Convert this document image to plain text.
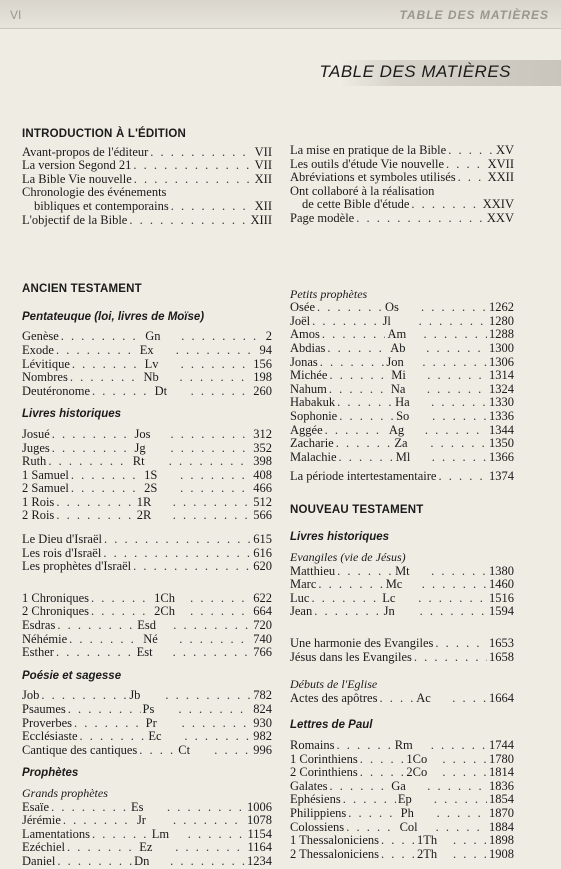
VI	TABLE DES MATIÈRES
TABLE DES MATIÈRES
INTRODUCTION À L'ÉDITION
Avant-propos de l'éditeur . . .	VII
La version Segond 21 . . .	VII
La Bible Vie nouvelle . . .	XII
Chronologie des événements
bibliques et contemporains . . .	XII
L'objectif de la Bible . . .	XIII
ANCIEN TESTAMENT
Pentateuque (loi, livres de Moïse)
Genèse . . .	Gn . . .	2
Exode . . .	Ex . . .	94
Lévitique . . .	Lv . . .	156
Nombres . . .	Nb . . .	198
Deutéronome . . .	Dt . . .	260
Livres historiques
Josué . . .	Jos . . .	312
Juges . . .	Jg . . .	352
Ruth . . .	Rt . . .	398
1 Samuel . . .	1S . . .	408
2 Samuel . . .	2S . . .	466
1 Rois . . .	1R . . .	512
2 Rois . . .	2R . . .	566
Le Dieu d'Israël . . .	615
Les rois d'Israël . . .	616
Les prophètes d'Israël . . .	620
1 Chroniques . . .	1Ch . . .	622
2 Chroniques . . .	2Ch . . .	664
Esdras . . .	Esd . . .	720
Néhémie . . .	Né . . .	740
Esther . . .	Est . . .	766
Poésie et sagesse
Job . . .	Jb . . .	782
Psaumes . . .	Ps . . .	824
Proverbes . . .	Pr . . .	930
Ecclésiaste . . .	Ec . . .	982
Cantique des cantiques . . .	Ct . . .	996
Prophètes
Grands prophètes
Esaïe . . .	Es . . .	1006
Jérémie . . .	Jr . . .	1078
Lamentations . . .	Lm . . .	1154
Ezéchiel . . .	Ez . . .	1164
Daniel . . .	Dn . . .	1234
La mise en pratique de la Bible . . .	XV
Les outils d'étude Vie nouvelle . . .	XVII
Abréviations et symboles utilisés . . .	XXII
Ont collaboré à la réalisation
de cette Bible d'étude . . .	XXIV
Page modèle . . .	XXV
Petits prophètes
Osée . . .	Os . . .	1262
Joël . . .	Jl . . .	1280
Amos . . .	Am . . .	1288
Abdias . . .	Ab . . .	1300
Jonas . . .	Jon . . .	1306
Michée . . .	Mi . . .	1314
Nahum . . .	Na . . .	1324
Habakuk . . .	Ha . . .	1330
Sophonie . . .	So . . .	1336
Aggée . . .	Ag . . .	1344
Zacharie . . .	Za . . .	1350
Malachie . . .	Ml . . .	1366
La période intertestamentaire . . .	1374
NOUVEAU TESTAMENT
Livres historiques
Evangiles (vie de Jésus)
Matthieu . . .	Mt . . .	1380
Marc . . .	Mc . . .	1460
Luc . . .	Lc . . .	1516
Jean . . .	Jn . . .	1594
Une harmonie des Evangiles . . .	1653
Jésus dans les Evangiles . . .	1658
Débuts de l'Eglise
Actes des apôtres . . .	Ac . . .	1664
Lettres de Paul
Romains . . .	Rm . . .	1744
1 Corinthiens . . .	1Co . . .	1780
2 Corinthiens . . .	2Co . . .	1814
Galates . . .	Ga . . .	1836
Ephésiens . . .	Ep . . .	1854
Philippiens . . .	Ph . . .	1870
Colossiens . . .	Col . . .	1884
1 Thessaloniciens . . .	1Th . . .	1898
2 Thessaloniciens . . .	2Th . . .	1908
